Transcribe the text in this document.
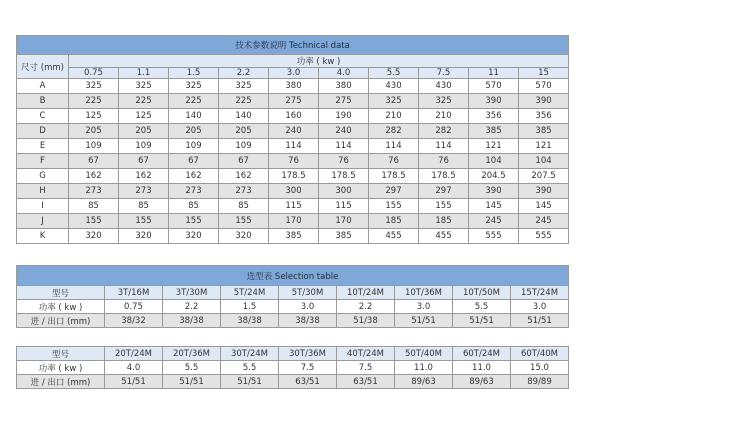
技术参数说明 Technical data										
尺寸 (mm)	功率 ( kw )									
	0.75	1.1	1.5	2.2	3.0	4.0	5.5	7.5	11	15
A	325	325	325	325	380	380	430	430	570	570
B	225	225	225	225	275	275	325	325	390	390
C	125	125	140	140	160	190	210	210	356	356
D	205	205	205	205	240	240	282	282	385	385
E	109	109	109	109	114	114	114	114	121	121
F	67	67	67	67	76	76	76	76	104	104
G	162	162	162	162	178.5	178.5	178.5	178.5	204.5	207.5
H	273	273	273	273	300	300	297	297	390	390
I	85	85	85	85	115	115	155	155	145	145
J	155	155	155	155	170	170	185	185	245	245
K	320	320	320	320	385	385	455	455	555	555
选型表 Selection table								
型号	3T/16M	3T/30M	5T/24M	5T/30M	10T/24M	10T/36M	10T/50M	15T/24M
功率 ( kw )	0.75	2.2	1.5	3.0	2.2	3.0	5.5	3.0
进 / 出口 (mm)	38/32	38/38	38/38	38/38	51/38	51/51	51/51	51/51
型号	20T/24M	20T/36M	30T/24M	30T/36M	40T/24M	50T/40M	60T/24M	60T/40M
功率 ( kw )	4.0	5.5	5.5	7.5	7.5	11.0	11.0	15.0
进 / 出口 (mm)	51/51	51/51	51/51	63/51	63/51	89/63	89/63	89/89
